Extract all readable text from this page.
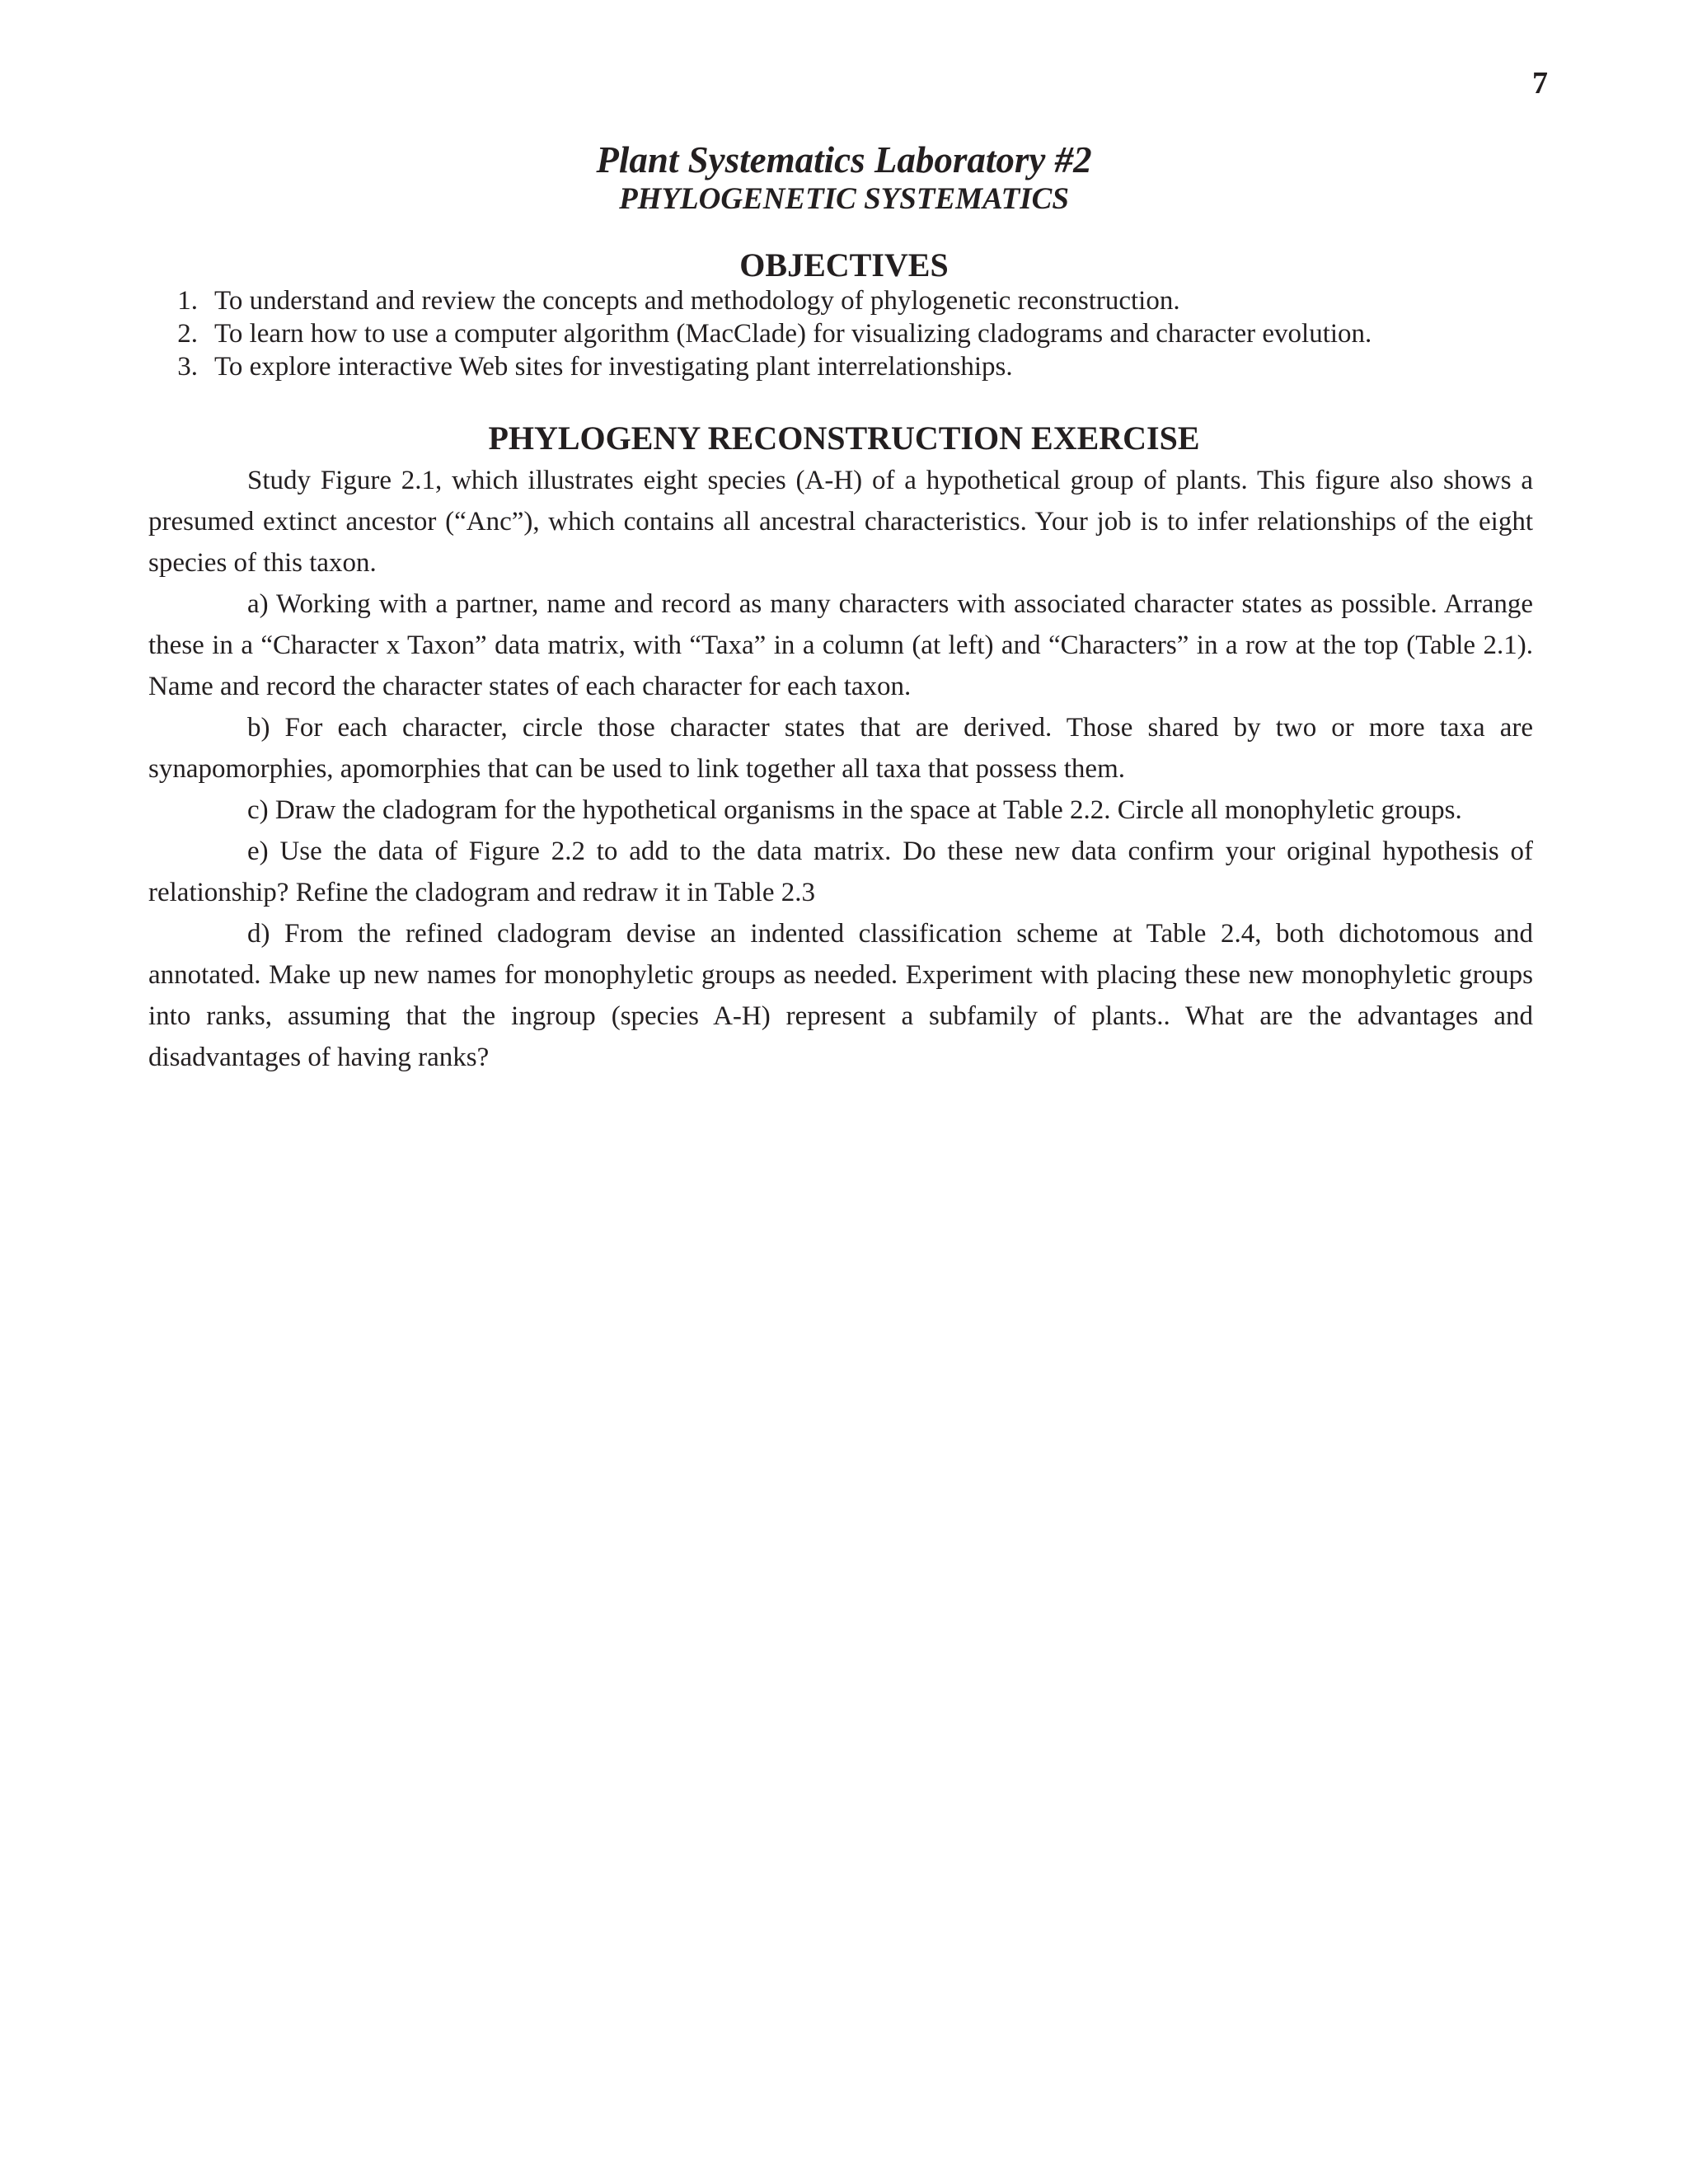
7
Plant Systematics Laboratory #2
PHYLOGENETIC SYSTEMATICS
OBJECTIVES
1. To understand and review the concepts and methodology of phylogenetic reconstruction.
2. To learn how to use a computer algorithm (MacClade) for visualizing cladograms and character evolution.
3. To explore interactive Web sites for investigating plant interrelationships.
PHYLOGENY RECONSTRUCTION EXERCISE

Study Figure 2.1, which illustrates eight species (A-H) of a hypothetical group of plants. This figure also shows a presumed extinct ancestor (“Anc”), which contains all ancestral characteristics. Your job is to infer relationships of the eight species of this taxon.

a) Working with a partner, name and record as many characters with associated character states as possible. Arrange these in a “Character x Taxon” data matrix, with “Taxa” in a column (at left) and “Characters” in a row at the top (Table 2.1). Name and record the character states of each character for each taxon.

b) For each character, circle those character states that are derived. Those shared by two or more taxa are synapomorphies, apomorphies that can be used to link together all taxa that possess them.

c) Draw the cladogram for the hypothetical organisms in the space at Table 2.2. Circle all monophyletic groups.

e) Use the data of Figure 2.2 to add to the data matrix. Do these new data confirm your original hypothesis of relationship? Refine the cladogram and redraw it in Table 2.3

d) From the refined cladogram devise an indented classification scheme at Table 2.4, both dichotomous and annotated. Make up new names for monophyletic groups as needed. Experiment with placing these new monophyletic groups into ranks, assuming that the ingroup (species A-H) represent a subfamily of plants.. What are the advantages and disadvantages of having ranks?
